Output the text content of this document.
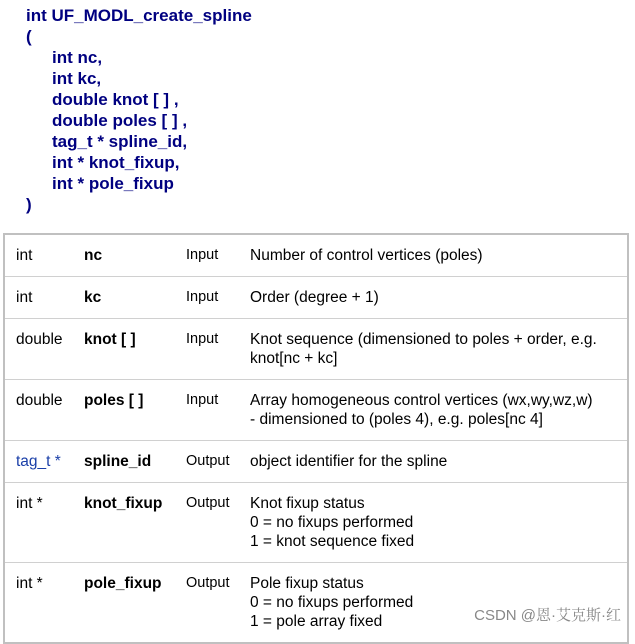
int UF_MODL_create_spline
(
int nc,
int kc,
double knot [ ] ,
double poles [ ] ,
tag_t * spline_id,
int * knot_fixup,
int * pole_fixup
)
int	nc	Input	Number of control vertices (poles)

int	kc	Input	Order (degree + 1)

double	knot [ ]	Input	Knot sequence (dimensioned to poles + order, e.g.
knot[nc + kc]

double	poles [ ]	Input	Array homogeneous control vertices (wx,wy,wz,w)
- dimensioned to (poles 4), e.g. poles[nc 4]

tag_t *	spline_id	Output	object identifier for the spline

int *	knot_fixup	Output	Knot fixup status
0 = no fixups performed
1 = knot sequence fixed

int *	pole_fixup	Output	Pole fixup status
0 = no fixups performed
1 = pole array fixed	CSDN @恩·艾克斯·红
